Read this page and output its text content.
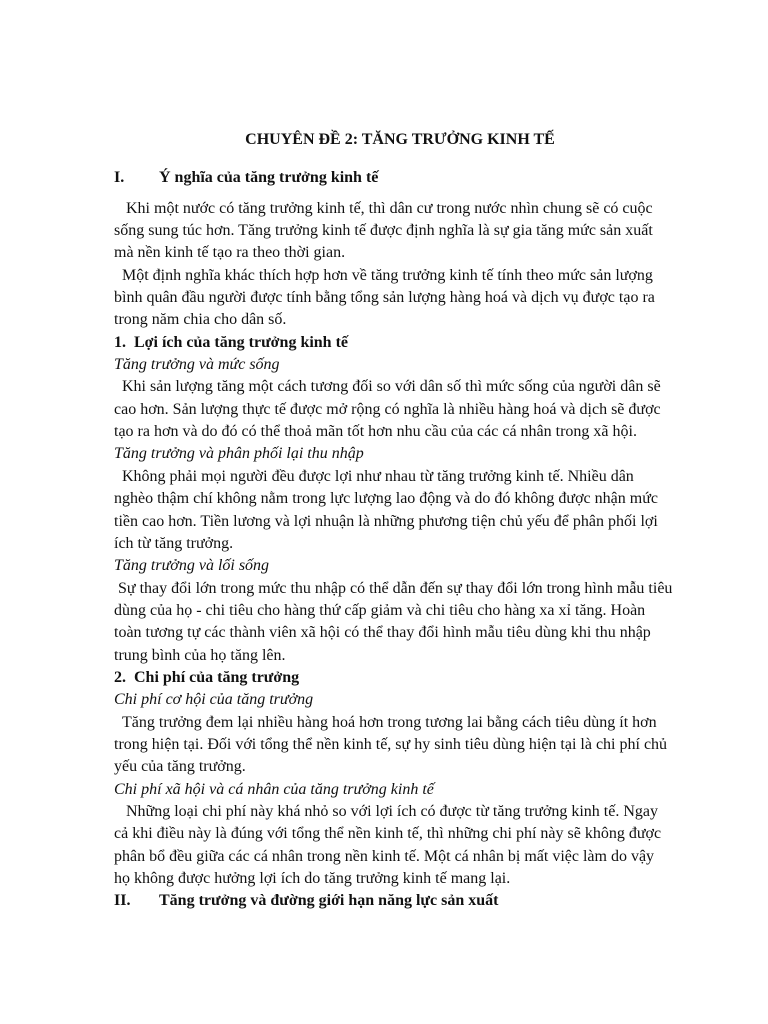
CHUYÊN ĐỀ 2: TĂNG TRƯỞNG KINH TẾ

I.	Ý nghĩa của tăng trưởng kinh tế

Khi một nước có tăng trưởng kinh tế, thì dân cư trong nước nhìn chung sẽ có cuộc sống sung túc hơn. Tăng trưởng kinh tế được định nghĩa là sự gia tăng mức sản xuất mà nền kinh tế tạo ra theo thời gian.

Một định nghĩa khác thích hợp hơn về tăng trưởng kinh tế tính theo mức sản lượng bình quân đầu người được tính bằng tổng sản lượng hàng hoá và dịch vụ được tạo ra trong năm chia cho dân số.

1. Lợi ích của tăng trưởng kinh tế

Tăng trưởng và mức sống

Khi sản lượng tăng một cách tương đối so với dân số thì mức sống của người dân sẽ cao hơn. Sản lượng thực tế được mở rộng có nghĩa là nhiều hàng hoá và dịch sẽ được tạo ra hơn và do đó có thể thoả mãn tốt hơn nhu cầu của các cá nhân trong xã hội.

Tăng trưởng và phân phối lại thu nhập

Không phải mọi người đều được lợi như nhau từ tăng trưởng kinh tế. Nhiều dân nghèo thậm chí không nằm trong lực lượng lao động và do đó không được nhận mức tiền cao hơn. Tiền lương và lợi nhuận là những phương tiện chủ yếu để phân phối lợi ích từ tăng trưởng.

Tăng trưởng và lối sống

Sự thay đổi lớn trong mức thu nhập có thể dẫn đến sự thay đổi lớn trong hình mẫu tiêu dùng của họ - chi tiêu cho hàng thứ cấp giảm và chi tiêu cho hàng xa xỉ tăng. Hoàn toàn tương tự các thành viên xã hội có thể thay đổi hình mẫu tiêu dùng khi thu nhập trung bình của họ tăng lên.

2. Chi phí của tăng trưởng

Chi phí cơ hội của tăng trưởng

Tăng trưởng đem lại nhiều hàng hoá hơn trong tương lai bằng cách tiêu dùng ít hơn trong hiện tại. Đối với tổng thể nền kinh tế, sự hy sinh tiêu dùng hiện tại là chi phí chủ yếu của tăng trưởng.

Chi phí xã hội và cá nhân của tăng trưởng kinh tế

Những loại chi phí này khá nhỏ so với lợi ích có được từ tăng trưởng kinh tế. Ngay cả khi điều này là đúng với tổng thể nền kinh tế, thì những chi phí này sẽ không được phân bổ đều giữa các cá nhân trong nền kinh tế. Một cá nhân bị mất việc làm do vậy họ không được hưởng lợi ích do tăng trưởng kinh tế mang lại.

II.	Tăng trưởng và đường giới hạn năng lực sản xuất
